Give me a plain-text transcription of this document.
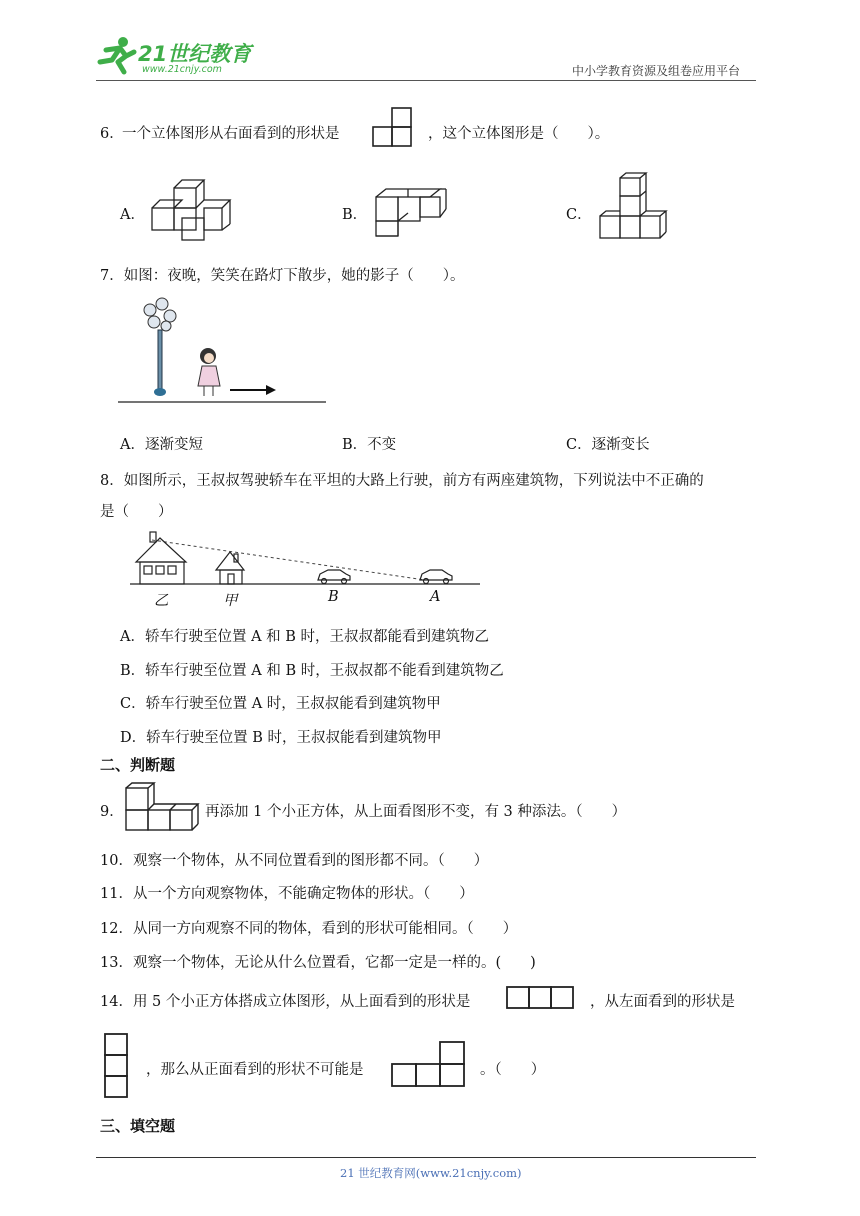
21世纪教育
www.21cnjy.com	中小学教育资源及组卷应用平台
6．
一个立体图形从右面看到的形状是	，这个立体图形是（　　）。
A．	B．	C．
7．如图：夜晚，笑笑在路灯下散步，她的影子（　　）。
A．逐渐变短	B．不变	C．逐渐变长
8．如图所示，王叔叔驾驶轿车在平坦的大路上行驶，前方有两座建筑物，下列说法中不正确的
是（　　）
乙	甲	B	A
A．轿车行驶至位置 A 和 B 时，王叔叔都能看到建筑物乙
B．轿车行驶至位置 A 和 B 时，王叔叔都不能看到建筑物乙
C．轿车行驶至位置 A 时，王叔叔能看到建筑物甲
D．轿车行驶至位置 B 时，王叔叔能看到建筑物甲
二、判断题
9．	再添加 1 个小正方体，从上面看图形不变，有 3 种添法。（　　）
10．观察一个物体，从不同位置看到的图形都不同。（　　）
11．从一个方向观察物体，不能确定物体的形状。（　　）
12．从同一方向观察不同的物体，看到的形状可能相同。（　　）
13．观察一个物体，无论从什么位置看，它都一定是一样的。(　　)
14．用 5 个小正方体搭成立体图形，从上面看到的形状是	，从左面看到的形状是
，那么从正面看到的形状不可能是	。（　　）
三、填空题
21 世纪教育网(www.21cnjy.com)
